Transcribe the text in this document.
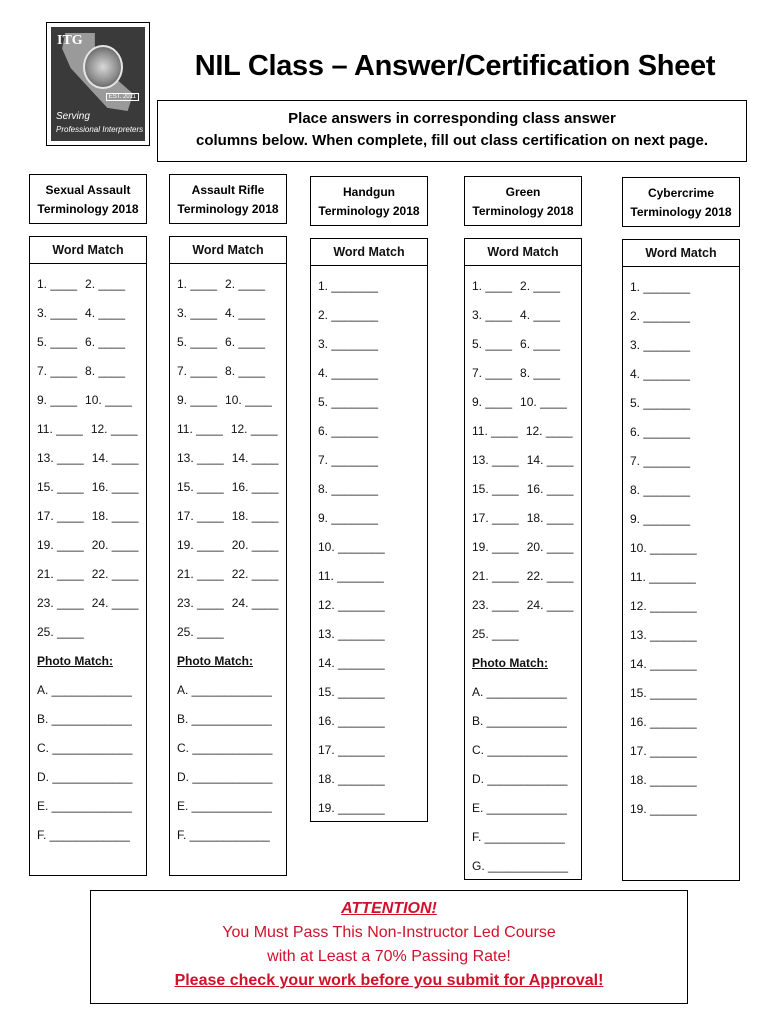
ITG
EST. 2011
Serving
Professional Interpreters
NIL Class – Answer/Certification Sheet
Place answers in corresponding class answer
columns below. When complete, fill out class certification on next page.
Sexual Assault
Terminology 2018
Word Match
1. ____ 2. ____
3. ____ 4. ____
5. ____ 6. ____
7. ____ 8. ____
9. ____ 10. ____
11. ____ 12. ____
13. ____ 14. ____
15. ____ 16. ____
17. ____ 18. ____
19. ____ 20. ____
21. ____ 22. ____
23. ____ 24. ____
25. ____
Photo Match:
A. ____________
B. ____________
C. ____________
D. ____________
E. ____________
F. ____________
Assault Rifle
Terminology 2018
Word Match
1. ____ 2. ____
3. ____ 4. ____
5. ____ 6. ____
7. ____ 8. ____
9. ____ 10. ____
11. ____ 12. ____
13. ____ 14. ____
15. ____ 16. ____
17. ____ 18. ____
19. ____ 20. ____
21. ____ 22. ____
23. ____ 24. ____
25. ____
Photo Match:
A. ____________
B. ____________
C. ____________
D. ____________
E. ____________
F. ____________
Handgun
Terminology 2018
Word Match
1. _______
2. _______
3. _______
4. _______
5. _______
6. _______
7. _______
8. _______
9. _______
10. _______
11. _______
12. _______
13. _______
14. _______
15. _______
16. _______
17. _______
18. _______
19. _______
Green
Terminology 2018
Word Match
1. ____ 2. ____
3. ____ 4. ____
5. ____ 6. ____
7. ____ 8. ____
9. ____ 10. ____
11. ____ 12. ____
13. ____ 14. ____
15. ____ 16. ____
17. ____ 18. ____
19. ____ 20. ____
21. ____ 22. ____
23. ____ 24. ____
25. ____
Photo Match:
A. ____________
B. ____________
C. ____________
D. ____________
E. ____________
F. ____________
G. ____________
Cybercrime
Terminology 2018
Word Match
1. _______
2. _______
3. _______
4. _______
5. _______
6. _______
7. _______
8. _______
9. _______
10. _______
11. _______
12. _______
13. _______
14. _______
15. _______
16. _______
17. _______
18. _______
19. _______
ATTENTION!
You Must Pass This Non-Instructor Led Course
with at Least a 70% Passing Rate!
Please check your work before you submit for Approval!
